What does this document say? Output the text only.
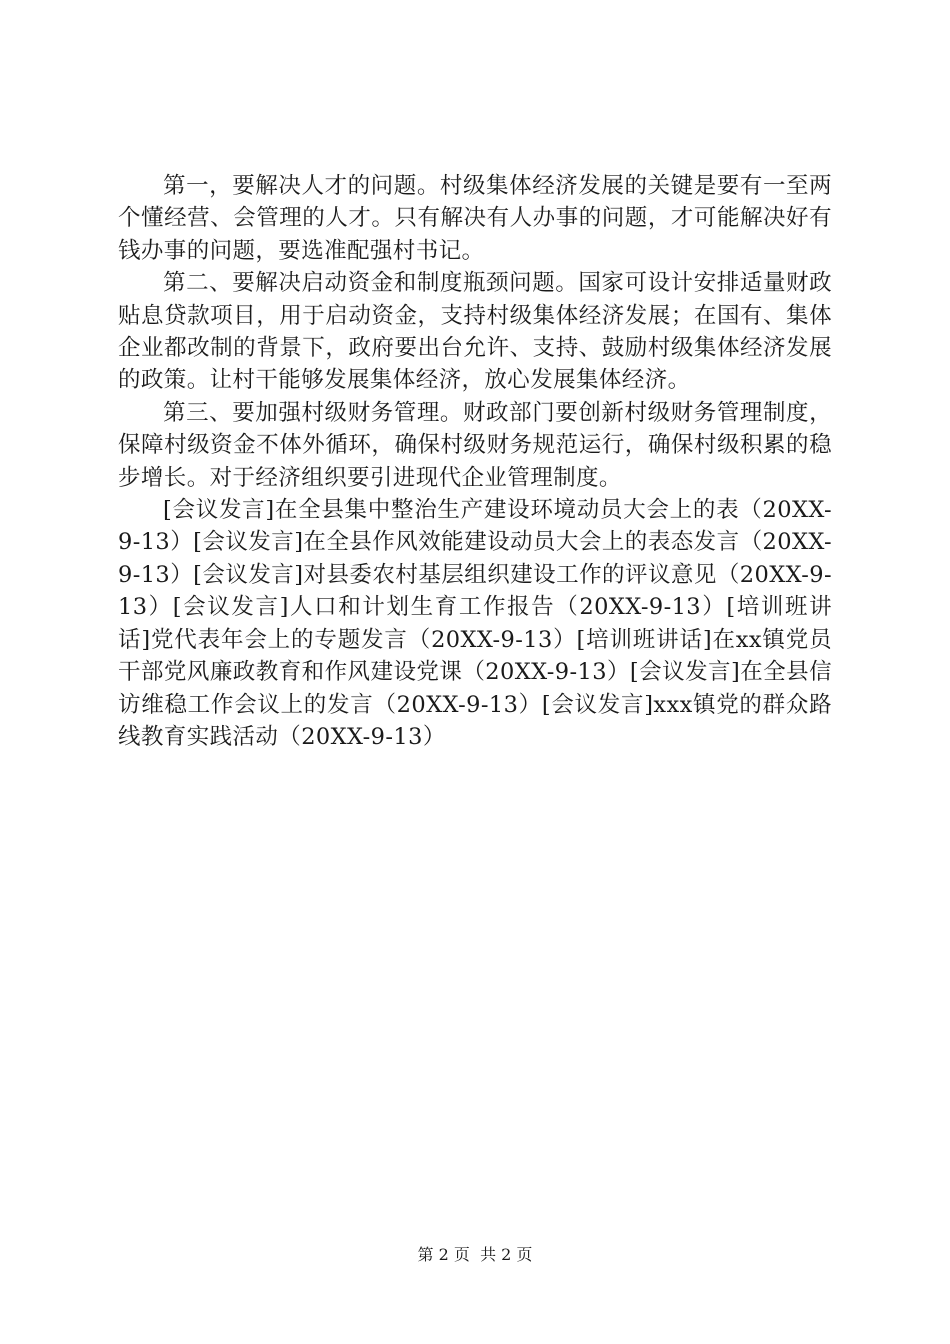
第一，要解决人才的问题。村级集体经济发展的关键是要有一至两个懂经营、会管理的人才。只有解决有人办事的问题，才可能解决好有钱办事的问题，要选准配强村书记。

第二、要解决启动资金和制度瓶颈问题。国家可设计安排适量财政贴息贷款项目，用于启动资金，支持村级集体经济发展；在国有、集体企业都改制的背景下，政府要出台允许、支持、鼓励村级集体经济发展的政策。让村干能够发展集体经济，放心发展集体经济。

第三、要加强村级财务管理。财政部门要创新村级财务管理制度，保障村级资金不体外循环，确保村级财务规范运行，确保村级积累的稳步增长。对于经济组织要引进现代企业管理制度。

[会议发言]在全县集中整治生产建设环境动员大会上的表（20XX-9-13）[会议发言]在全县作风效能建设动员大会上的表态发言（20XX-9-13）[会议发言]对县委农村基层组织建设工作的评议意见（20XX-9-13）[会议发言]人口和计划生育工作报告（20XX-9-13）[培训班讲话]党代表年会上的专题发言（20XX-9-13）[培训班讲话]在xx镇党员干部党风廉政教育和作风建设党课（20XX-9-13）[会议发言]在全县信访维稳工作会议上的发言（20XX-9-13）[会议发言]xxx镇党的群众路线教育实践活动（20XX-9-13）

第 2 页  共 2 页
